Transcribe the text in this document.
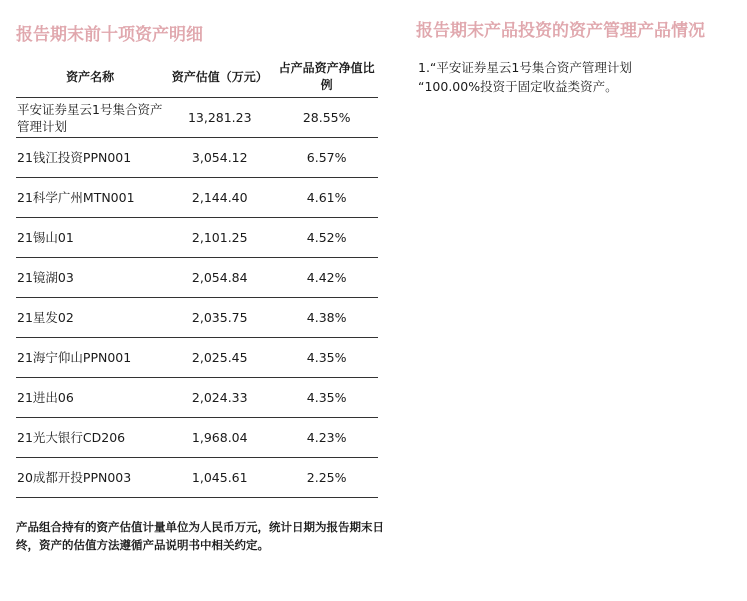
报告期末前十项资产明细
资产名称	资产估值（万元）	占产品资产净值比例
平安证券星云1号集合资产管理计划	13,281.23	28.55%
21钱江投资PPN001	3,054.12	6.57%
21科学广州MTN001	2,144.40	4.61%
21锡山01	2,101.25	4.52%
21镜湖03	2,054.84	4.42%
21星发02	2,035.75	4.38%
21海宁仰山PPN001	2,025.45	4.35%
21进出06	2,024.33	4.35%
21光大银行CD206	1,968.04	4.23%
20成都开投PPN003	1,045.61	2.25%
产品组合持有的资产估值计量单位为人民币万元，统计日期为报告期末日终，资产的估值方法遵循产品说明书中相关约定。
报告期末产品投资的资产管理产品情况
1.“平安证券星云1号集合资产管理计划
“100.00%投资于固定收益类资产。
